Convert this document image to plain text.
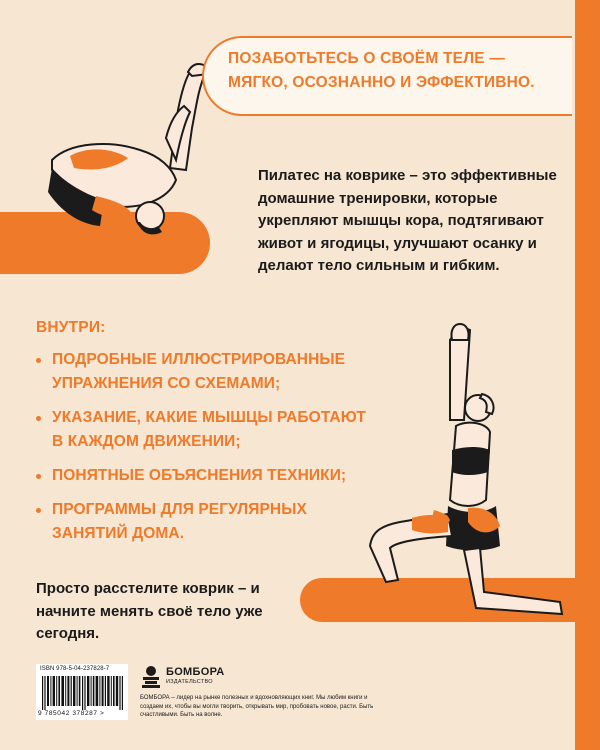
ПОЗАБОТЬТЕСЬ О СВОЁМ ТЕЛЕ — МЯГКО, ОСОЗНАННО И ЭФФЕКТИВНО.
Пилатес на коврике – это эффективные домашние тренировки, которые укрепляют мышцы кора, подтягивают живот и ягодицы, улучшают осанку и делают тело сильным и гибким.
ВНУТРИ:
ПОДРОБНЫЕ ИЛЛЮСТРИРОВАННЫЕ УПРАЖНЕНИЯ СО СХЕМАМИ;
УКАЗАНИЕ, КАКИЕ МЫШЦЫ РАБОТАЮТ В КАЖДОМ ДВИЖЕНИИ;
ПОНЯТНЫЕ ОБЪЯСНЕНИЯ ТЕХНИКИ;
ПРОГРАММЫ ДЛЯ РЕГУЛЯРНЫХ ЗАНЯТИЙ ДОМА.
Просто расстелите коврик – и начните менять своё тело уже сегодня.
ISBN 978-5-04-237828-7
9 785042 378287 >
БОМБОРА
ИЗДАТЕЛЬСТВО
БОМБОРА – лидер на рынке полезных и вдохновляющих книг. Мы любим книги и создаем их, чтобы вы могли творить, открывать мир, пробовать новое, расти. Быть счастливыми. Быть на волне.
